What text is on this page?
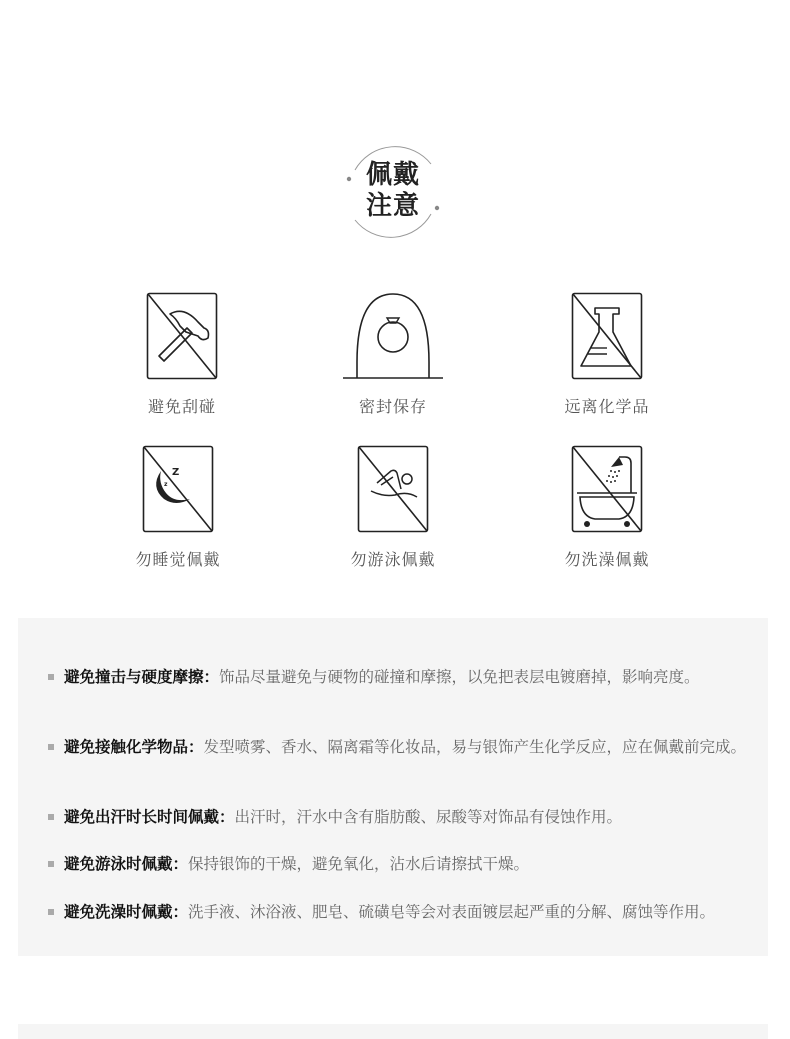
佩戴
注意
避免刮碰	密封保存	远离化学品
Z
z
勿睡觉佩戴	勿游泳佩戴	勿洗澡佩戴
避免撞击与硬度摩擦：饰品尽量避免与硬物的碰撞和摩擦，以免把表层电镀磨掉，影响亮度。
避免接触化学物品：发型喷雾、香水、隔离霜等化妆品，易与银饰产生化学反应，应在佩戴前完成。
避免出汗时长时间佩戴：出汗时，汗水中含有脂肪酸、尿酸等对饰品有侵蚀作用。
避免游泳时佩戴：保持银饰的干燥，避免氧化，沾水后请擦拭干燥。
避免洗澡时佩戴：洗手液、沐浴液、肥皂、硫磺皂等会对表面镀层起严重的分解、腐蚀等作用。
